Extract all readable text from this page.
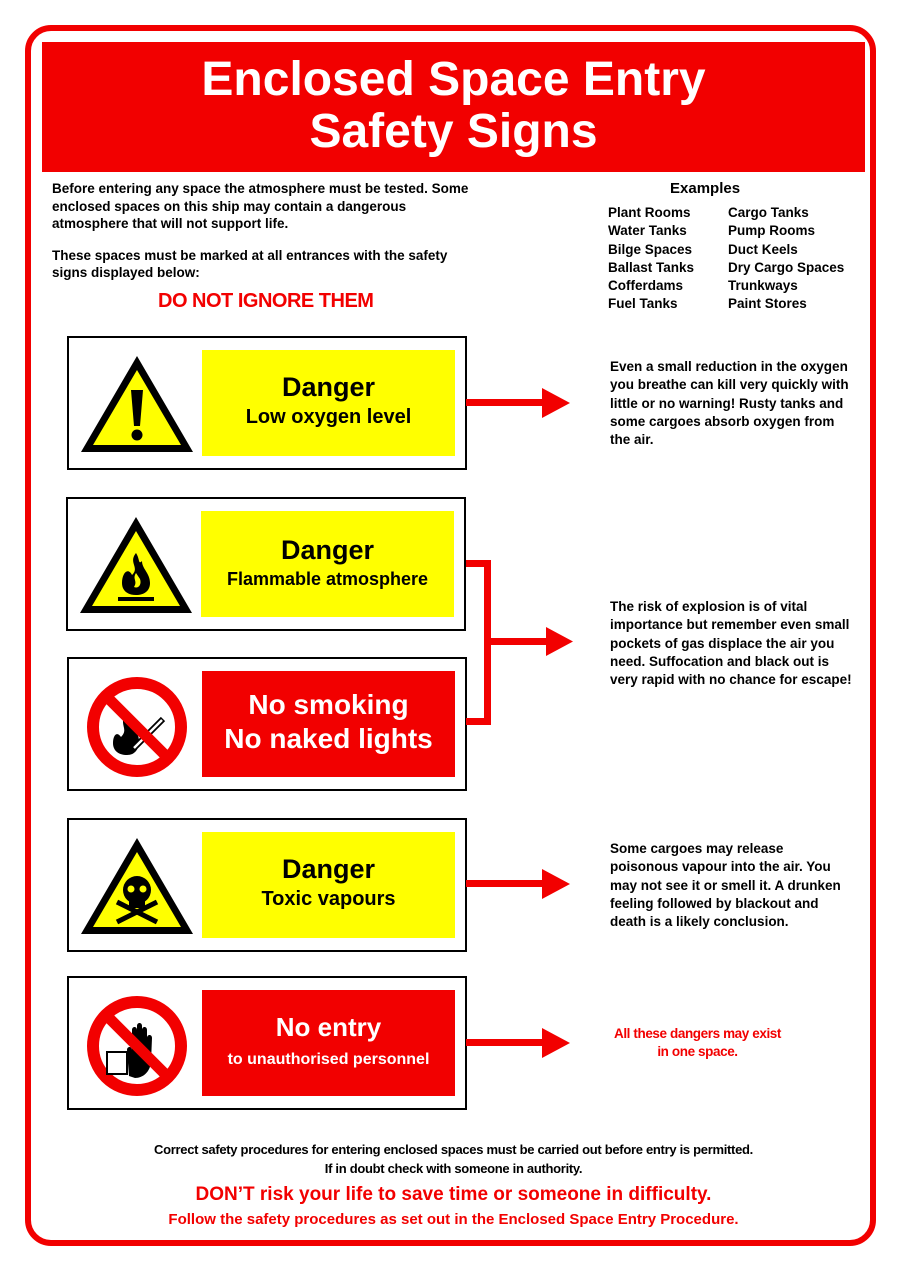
Enclosed Space Entry
Safety Signs

Before entering any space the atmosphere must be tested. Some enclosed spaces on this ship may contain a dangerous atmosphere that will not support life.

These spaces must be marked at all entrances with the safety signs displayed below:

DO NOT IGNORE THEM
Examples
Plant Rooms
Water Tanks
Bilge Spaces
Ballast Tanks
Cofferdams
Fuel Tanks
Cargo Tanks
Pump Rooms
Duct Keels
Dry Cargo Spaces
Trunkways
Paint Stores
Danger
Low oxygen level
Danger
Flammable atmosphere
No smoking
No naked lights
Danger
Toxic vapours
No entry
to unauthorised personnel
Even a small reduction in the oxygen you breathe can kill very quickly with little or no warning! Rusty tanks and some cargoes absorb oxygen from the air.
The risk of explosion is of vital importance but remember even small pockets of gas displace the air you need. Suffocation and black out is very rapid with no chance for escape!
Some cargoes may release poisonous vapour into the air. You may not see it or smell it. A drunken feeling followed by blackout and death is a likely conclusion.
All these dangers may exist in one space.
Correct safety procedures for entering enclosed spaces must be carried out before entry is permitted.
If in doubt check with someone in authority.
DON’T risk your life to save time or someone in difficulty.
Follow the safety procedures as set out in the Enclosed Space Entry Procedure.
